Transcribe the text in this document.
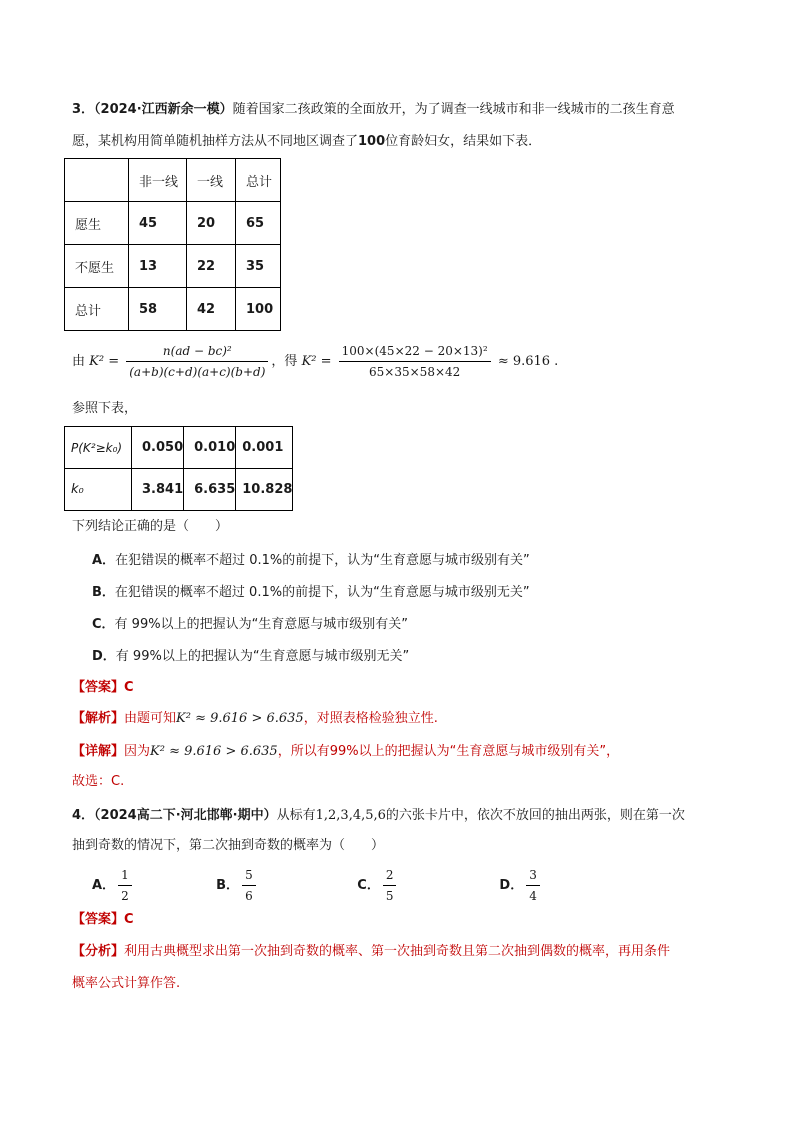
3．（2024·江西新余一模）随着国家二孩政策的全面放开，为了调查一线城市和非一线城市的二孩生育意
愿，某机构用简单随机抽样方法从不同地区调查了100位育龄妇女，结果如下表．
	非一线	一线	总计
愿生	45	20	65
不愿生	13	22	35
总计	58	42	100
由 $K^2 = \frac{\text{n(ad − bc)²}}{(a+b)(c+d)(a+c)(b+d)}$ ，得 $K^2 = \frac{\text{100×(45×22 − 20×13)²}}{65\times 35\times 58\times 42} \approx 9.616$ .
参照下表，
P(K²≥k₀)	0.050	0.010	0.001
k₀	3.841	6.635	10.828
下列结论正确的是（　　）
A．在犯错误的概率不超过 0.1%的前提下，认为“生育意愿与城市级别有关”
B．在犯错误的概率不超过 0.1%的前提下，认为“生育意愿与城市级别无关”
C．有 99%以上的把握认为“生育意愿与城市级别有关”
D．有 99%以上的把握认为“生育意愿与城市级别无关”
【答案】C
【解析】由题可知K² ≈ 9.616 > 6.635，对照表格检验独立性.
【详解】因为K² ≈ 9.616 > 6.635，所以有99%以上的把握认为“生育意愿与城市级别有关”，
故选：C.
4．（2024高二下·河北邯郸·期中）从标有1,2,3,4,5,6的六张卡片中，依次不放回的抽出两张，则在第一次
抽到奇数的情况下，第二次抽到奇数的概率为（　　）
A． $\frac{1}{2}$	B． $\frac{5}{6}$	C． $\frac{2}{5}$	D． $\frac{3}{4}$
【答案】C
【分析】利用古典概型求出第一次抽到奇数的概率、第一次抽到奇数且第二次抽到偶数的概率，再用条件
概率公式计算作答.
